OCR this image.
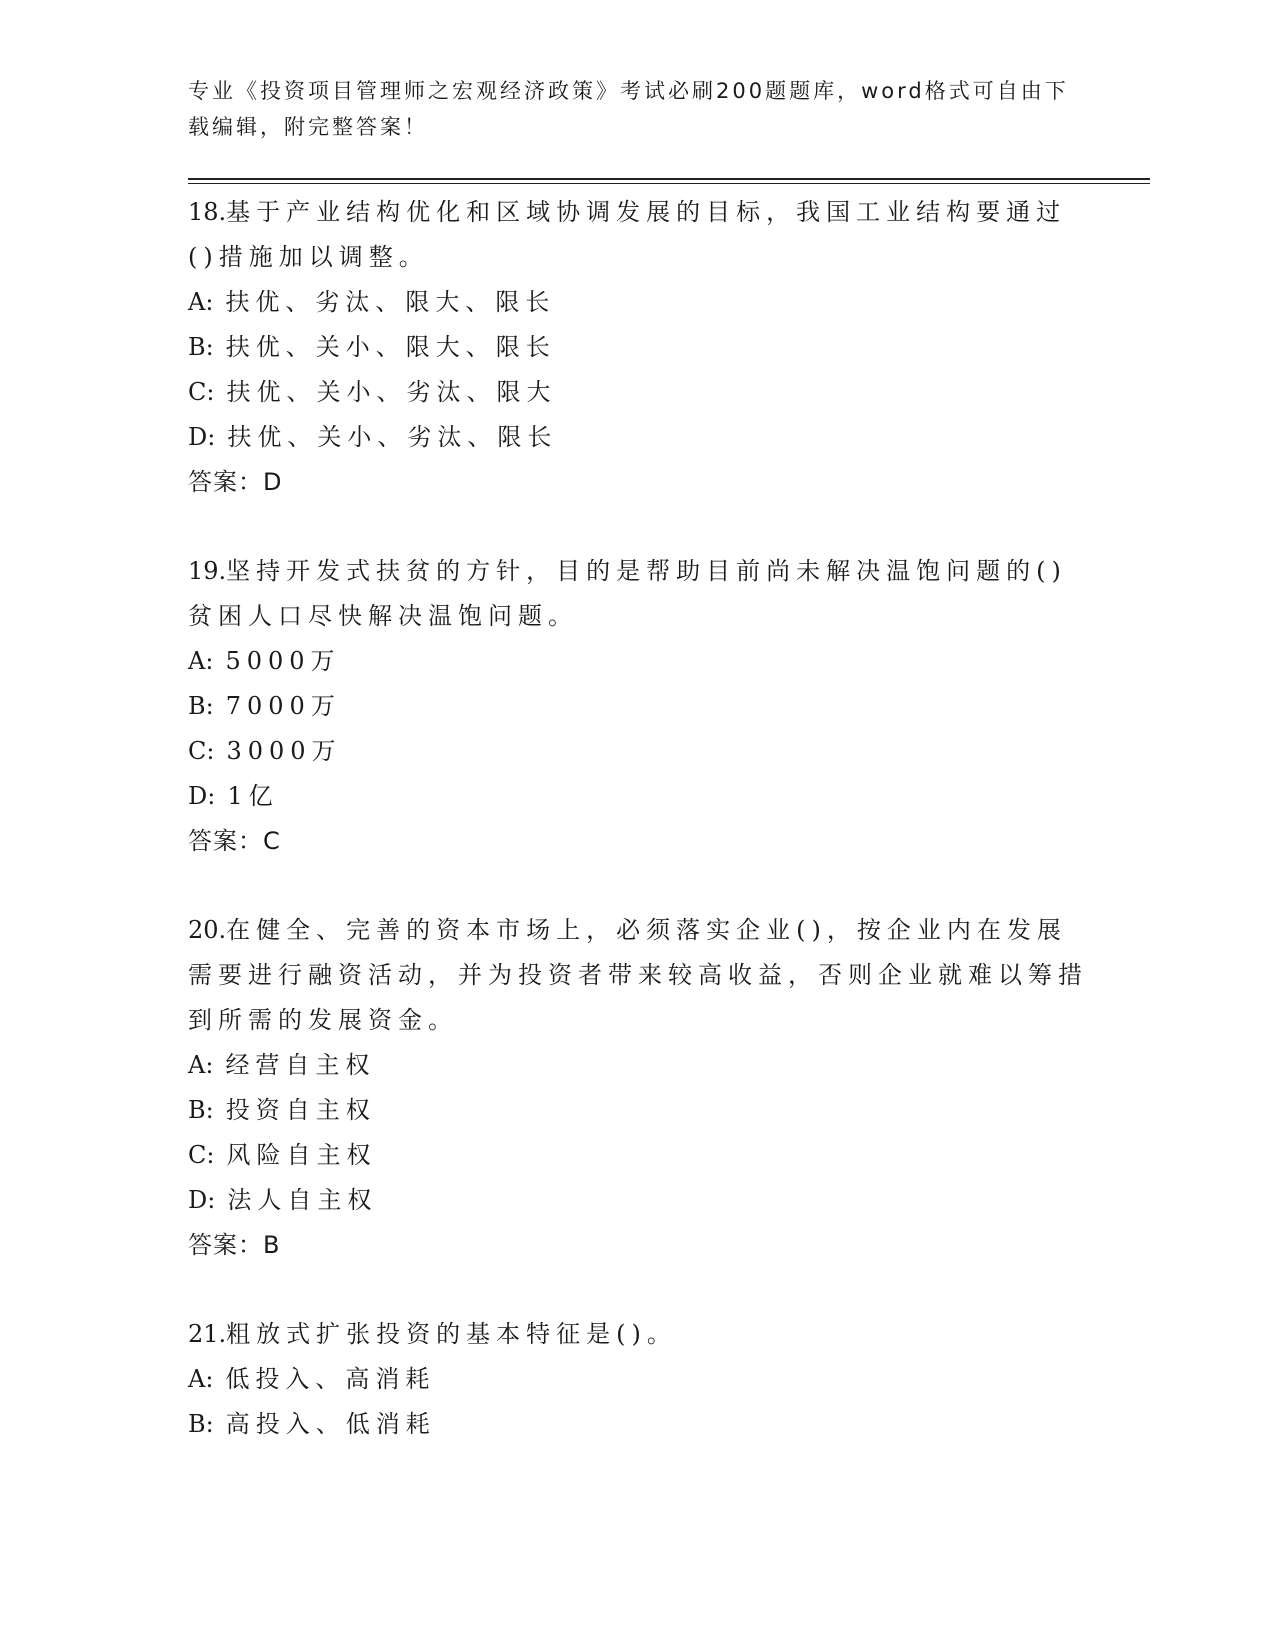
专业《投资项目管理师之宏观经济政策》考试必刷200题题库，word格式可自由下载编辑，附完整答案！

18.基于产业结构优化和区域协调发展的目标，我国工业结构要通过()措施加以调整。

A: 扶优、劣汰、限大、限长

B: 扶优、关小、限大、限长

C: 扶优、关小、劣汰、限大

D: 扶优、关小、劣汰、限长

答案：D

19.坚持开发式扶贫的方针，目的是帮助目前尚未解决温饱问题的()贫困人口尽快解决温饱问题。

A: 5000万

B: 7000万

C: 3000万

D: 1亿

答案：C

20.在健全、完善的资本市场上，必须落实企业()，按企业内在发展需要进行融资活动，并为投资者带来较高收益，否则企业就难以筹措到所需的发展资金。

A: 经营自主权

B: 投资自主权

C: 风险自主权

D: 法人自主权

答案：B

21.粗放式扩张投资的基本特征是()。

A: 低投入、高消耗

B: 高投入、低消耗
